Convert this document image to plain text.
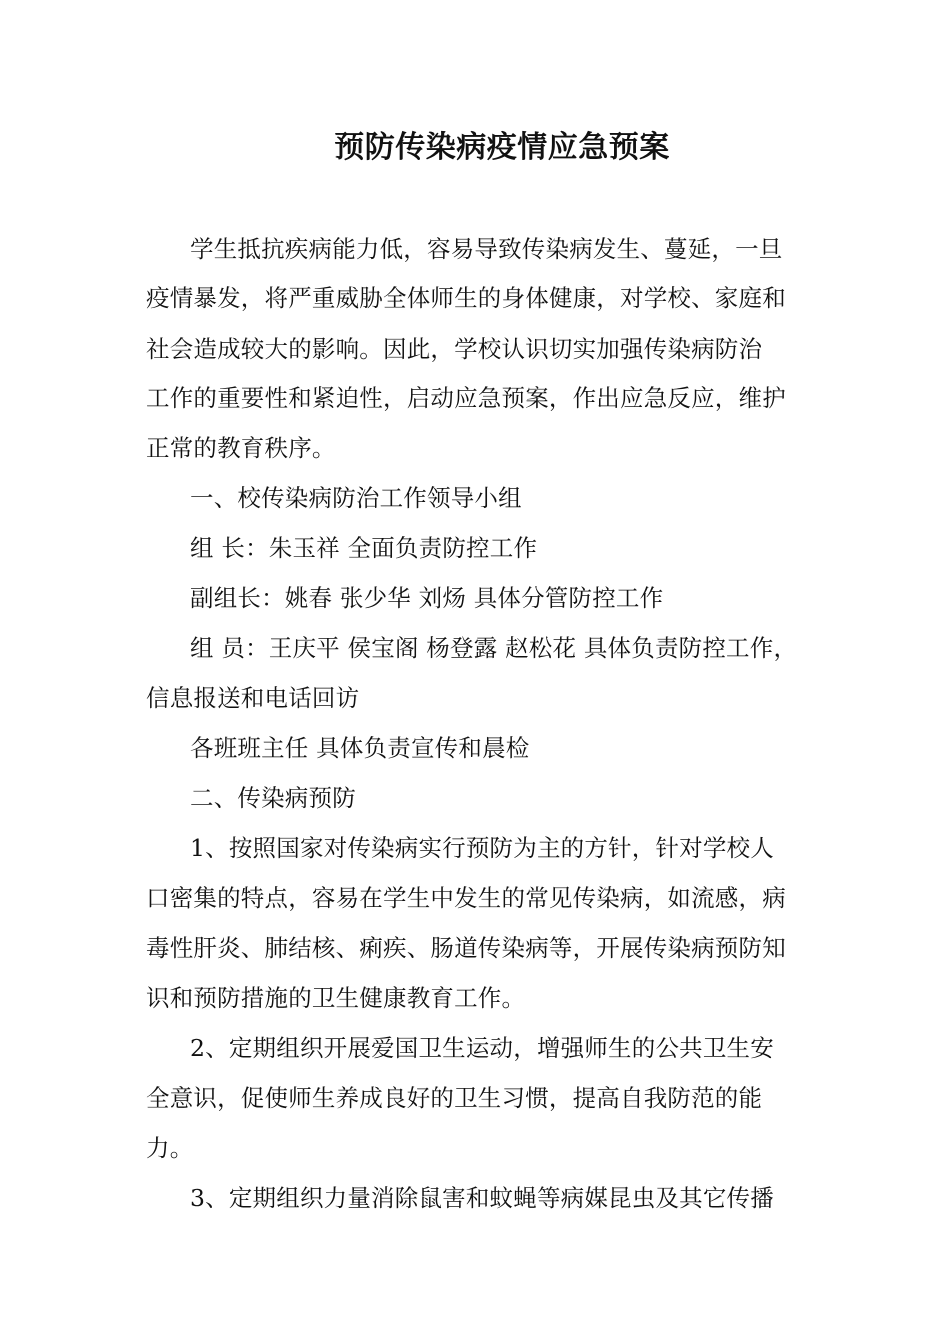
预防传染病疫情应急预案
学生抵抗疾病能力低，容易导致传染病发生、蔓延，一旦
疫情暴发，将严重威胁全体师生的身体健康，对学校、家庭和
社会造成较大的影响。因此，学校认识切实加强传染病防治
工作的重要性和紧迫性，启动应急预案，作出应急反应，维护
正常的教育秩序。
一、校传染病防治工作领导小组
组 长：朱玉祥 全面负责防控工作
副组长：姚春 张少华 刘炀 具体分管防控工作
组 员：王庆平 侯宝阁 杨登露 赵松花 具体负责防控工作，
信息报送和电话回访
各班班主任 具体负责宣传和晨检
二、传染病预防
1、按照国家对传染病实行预防为主的方针，针对学校人
口密集的特点，容易在学生中发生的常见传染病，如流感，病
毒性肝炎、肺结核、痢疾、肠道传染病等，开展传染病预防知
识和预防措施的卫生健康教育工作。
2、定期组织开展爱国卫生运动，增强师生的公共卫生安
全意识，促使师生养成良好的卫生习惯，提高自我防范的能
力。
3、定期组织力量消除鼠害和蚊蝇等病媒昆虫及其它传播
